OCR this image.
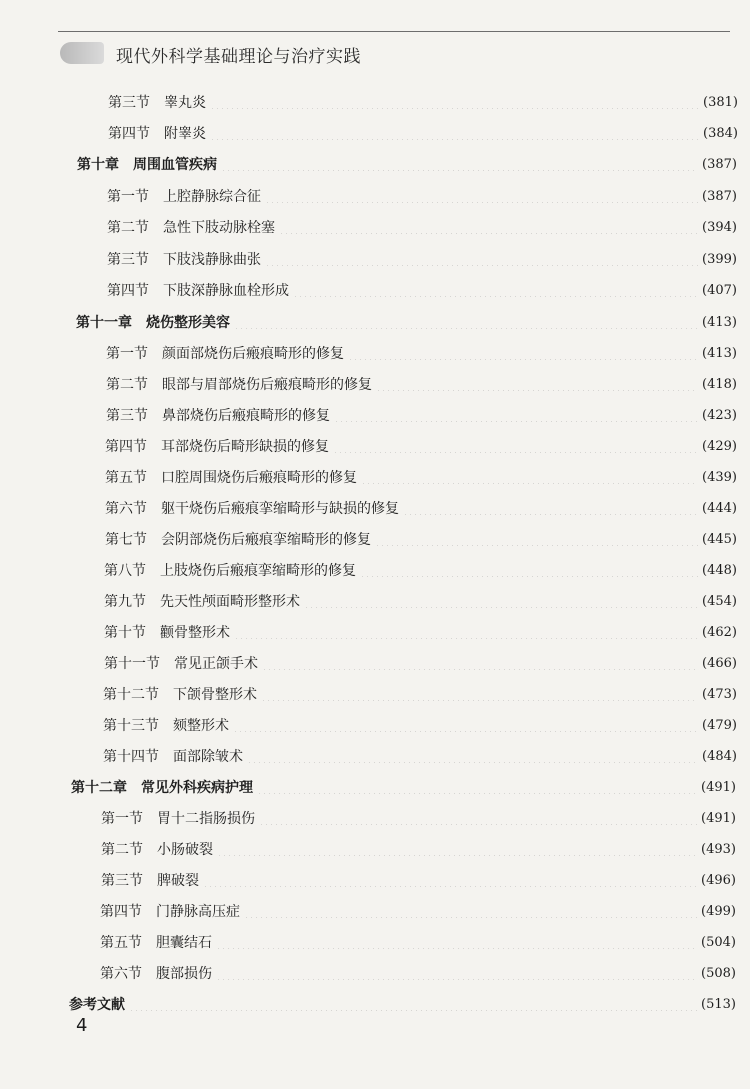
现代外科学基础理论与治疗实践
第三节 睾丸炎	(381)
第四节 附睾炎	(384)
第十章 周围血管疾病	(387)
第一节 上腔静脉综合征	(387)
第二节 急性下肢动脉栓塞	(394)
第三节 下肢浅静脉曲张	(399)
第四节 下肢深静脉血栓形成	(407)
第十一章 烧伤整形美容	(413)
第一节 颜面部烧伤后瘢痕畸形的修复	(413)
第二节 眼部与眉部烧伤后瘢痕畸形的修复	(418)
第三节 鼻部烧伤后瘢痕畸形的修复	(423)
第四节 耳部烧伤后畸形缺损的修复	(429)
第五节 口腔周围烧伤后瘢痕畸形的修复	(439)
第六节 躯干烧伤后瘢痕挛缩畸形与缺损的修复	(444)
第七节 会阴部烧伤后瘢痕挛缩畸形的修复	(445)
第八节 上肢烧伤后瘢痕挛缩畸形的修复	(448)
第九节 先天性颅面畸形整形术	(454)
第十节 颧骨整形术	(462)
第十一节 常见正颌手术	(466)
第十二节 下颌骨整形术	(473)
第十三节 颏整形术	(479)
第十四节 面部除皱术	(484)
第十二章 常见外科疾病护理	(491)
第一节 胃十二指肠损伤	(491)
第二节 小肠破裂	(493)
第三节 脾破裂	(496)
第四节 门静脉高压症	(499)
第五节 胆囊结石	(504)
第六节 腹部损伤	(508)
参考文献	(513)
4
